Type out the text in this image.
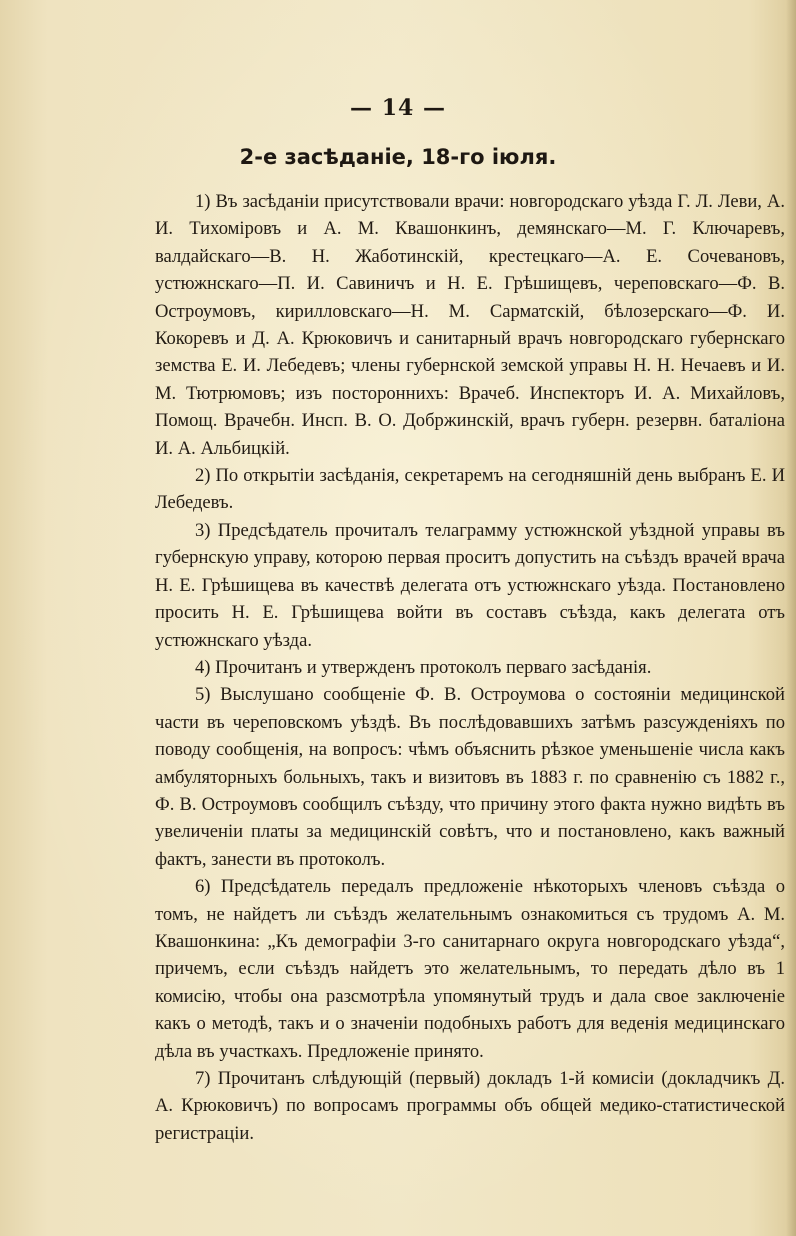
— 14 —
2-е засѣданіе, 18-го іюля.

1) Въ засѣданіи присутствовали врачи: новгородскаго уѣзда Г. Л. Леви, А. И. Тихоміровъ и А. М. Квашонкинъ, демянскаго—М. Г. Ключаревъ, валдайскаго—В. Н. Жаботинскій, крестецкаго—А. Е. Сочевановъ, устюжнскаго—П. И. Савиничъ и Н. Е. Грѣшищевъ, череповскаго—Ф. В. Остроумовъ, кирилловскаго—Н. М. Сарматскій, бѣлозерскаго—Ф. И. Кокоревъ и Д. А. Крюковичъ и санитарный врачъ новгородскаго губернскаго земства Е. И. Лебедевъ; члены губернской земской управы Н. Н. Нечаевъ и И. М. Тютрюмовъ; изъ постороннихъ: Врачеб. Инспекторъ И. А. Михайловъ, Помощ. Врачебн. Инсп. В. О. Добржинскій, врачъ губерн. резервн. баталіона И. А. Альбицкій.

2) По открытіи засѣданія, секретаремъ на сегодняшній день выбранъ Е. И Лебедевъ.

3) Предсѣдатель прочиталъ телаграмму устюжнской уѣздной управы въ губернскую управу, которою первая проситъ допустить на съѣздъ врачей врача Н. Е. Грѣшищева въ качествѣ делегата отъ устюжнскаго уѣзда. Постановлено просить Н. Е. Грѣшищева войти въ составъ съѣзда, какъ делегата отъ устюжнскаго уѣзда.

4) Прочитанъ и утвержденъ протоколъ перваго засѣданія.

5) Выслушано сообщеніе Ф. В. Остроумова о состояніи медицинской части въ череповскомъ уѣздѣ. Въ послѣдовавшихъ затѣмъ разсужденіяхъ по поводу сообщенія, на вопросъ: чѣмъ объяснить рѣзкое уменьшеніе числа какъ амбуляторныхъ больныхъ, такъ и визитовъ въ 1883 г. по сравненію съ 1882 г., Ф. В. Остроумовъ сообщилъ съѣзду, что причину этого факта нужно видѣть въ увеличеніи платы за медицинскій совѣтъ, что и постановлено, какъ важный фактъ, занести въ протоколъ.

6) Предсѣдатель передалъ предложеніе нѣкоторыхъ членовъ съѣзда о томъ, не найдетъ ли съѣздъ желательнымъ ознакомиться съ трудомъ А. М. Квашонкина: „Къ демографіи 3-го санитарнаго округа новгородскаго уѣзда“, причемъ, если съѣздъ найдетъ это желательнымъ, то передать дѣло въ 1 комисію, чтобы она разсмотрѣла упомянутый трудъ и дала свое заключеніе какъ о методѣ, такъ и о значеніи подобныхъ работъ для веденія медицинскаго дѣла въ участкахъ. Предложеніе принято.

7) Прочитанъ слѣдующій (первый) докладъ 1-й комисіи (докладчикъ Д. А. Крюковичъ) по вопросамъ программы объ общей медико-статистической регистраціи.
